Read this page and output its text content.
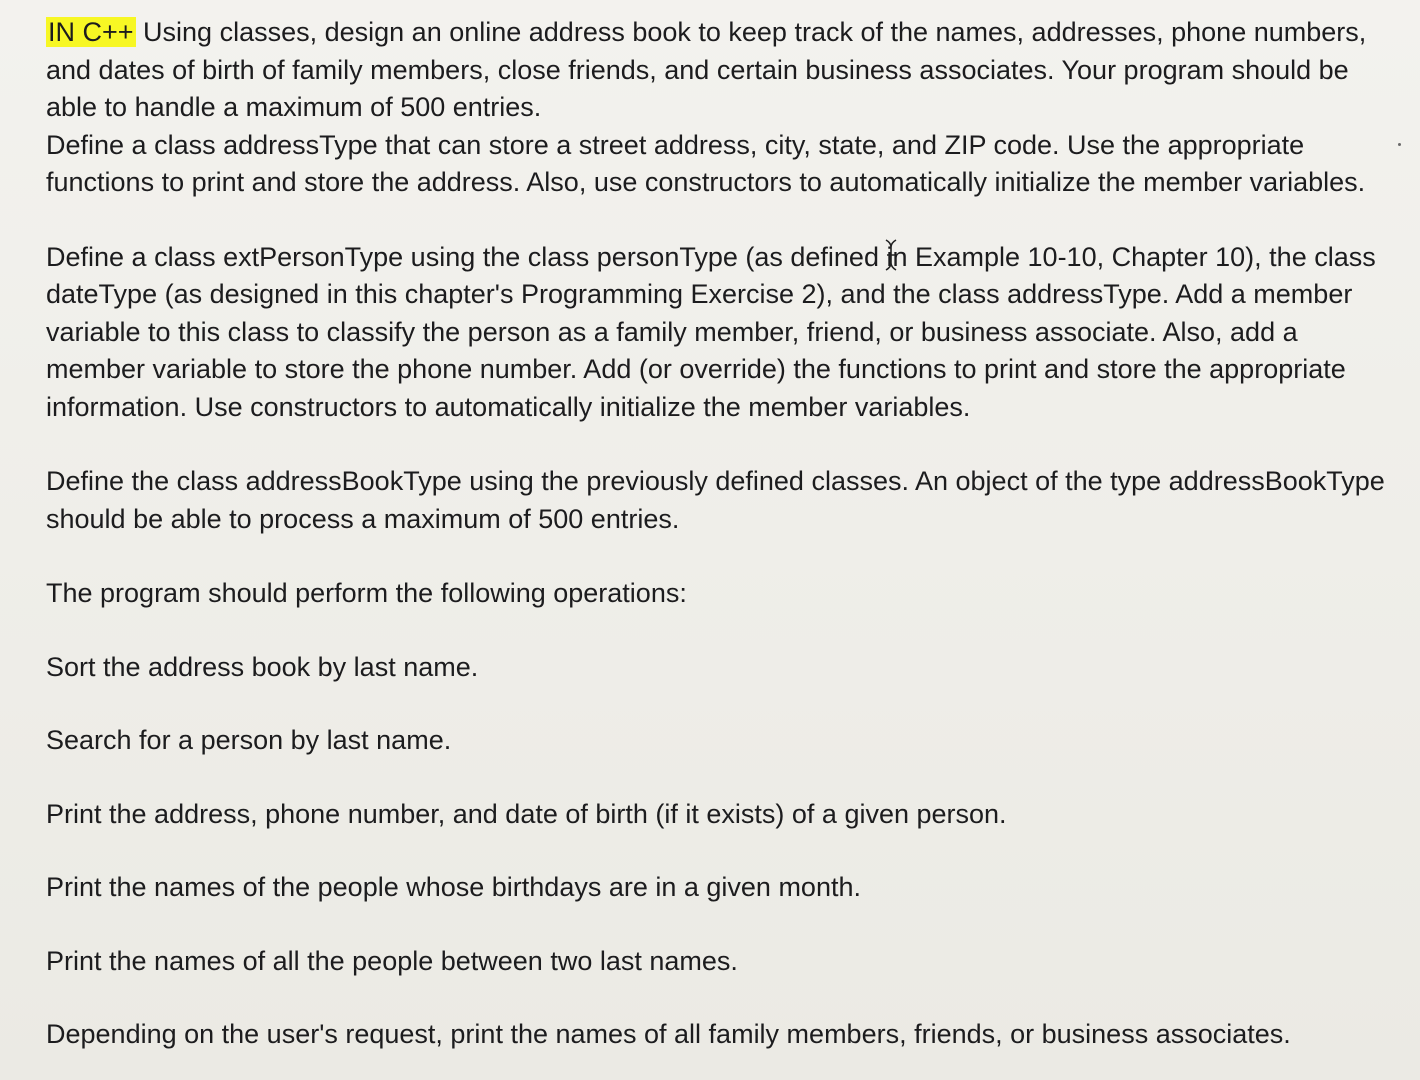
IN C++ Using classes, design an online address book to keep track of the names, addresses, phone numbers, and dates of birth of family members, close friends, and certain business associates. Your program should be able to handle a maximum of 500 entries.

Define a class addressType that can store a street address, city, state, and ZIP code. Use the appropriate functions to print and store the address. Also, use constructors to automatically initialize the member variables.

Define a class extPersonType using the class personType (as defined in
Example 10-10, Chapter 10), the class dateType (as designed in this chapter's Programming Exercise 2), and the class addressType. Add a member variable to this class to classify the person as a family member, friend, or business associate. Also, add a member variable to store the phone number. Add (or override) the functions to print and store the appropriate information. Use constructors to automatically initialize the member variables.

Define the class addressBookType using the previously defined classes. An object of the type addressBookType should be able to process a maximum of 500 entries.

The program should perform the following operations:

Sort the address book by last name.

Search for a person by last name.

Print the address, phone number, and date of birth (if it exists) of a given person.

Print the names of the people whose birthdays are in a given month.

Print the names of all the people between two last names.

Depending on the user's request, print the names of all family members, friends, or business associates.
